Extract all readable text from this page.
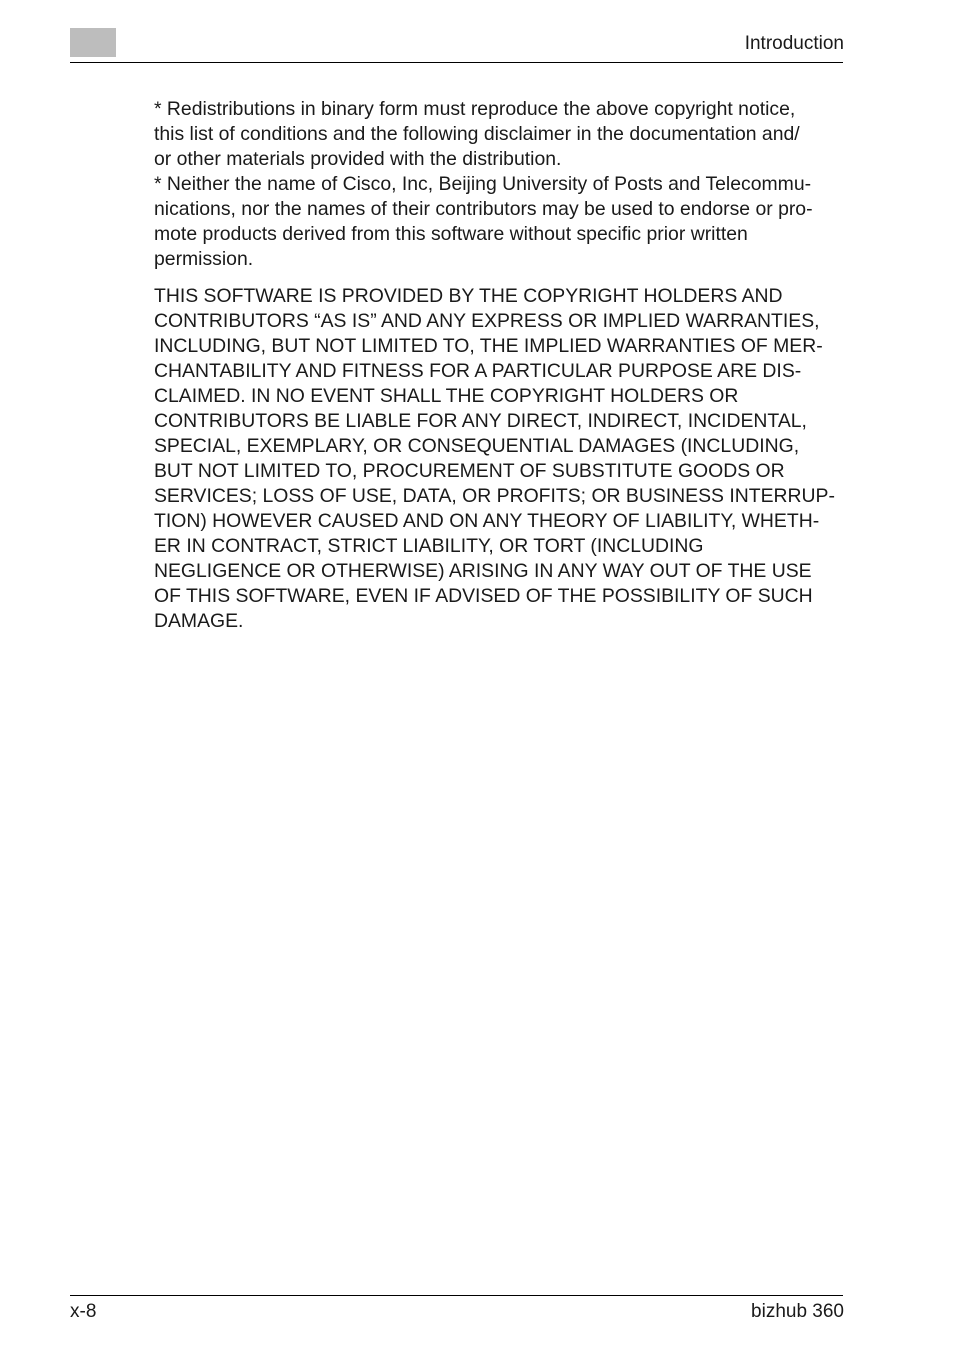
Introduction

* Redistributions in binary form must reproduce the above copyright notice,
this list of conditions and the following disclaimer in the documentation and/
or other materials provided with the distribution.

* Neither the name of Cisco, Inc, Beijing University of Posts and Telecommu-
nications, nor the names of their contributors may be used to endorse or pro-
mote products derived from this software without specific prior written
permission.

THIS SOFTWARE IS PROVIDED BY THE COPYRIGHT HOLDERS AND
CONTRIBUTORS “AS IS” AND ANY EXPRESS OR IMPLIED WARRANTIES,
INCLUDING, BUT NOT LIMITED TO, THE IMPLIED WARRANTIES OF MER-
CHANTABILITY AND FITNESS FOR A PARTICULAR PURPOSE ARE DIS-
CLAIMED. IN NO EVENT SHALL THE COPYRIGHT HOLDERS OR
CONTRIBUTORS BE LIABLE FOR ANY DIRECT, INDIRECT, INCIDENTAL,
SPECIAL, EXEMPLARY, OR CONSEQUENTIAL DAMAGES (INCLUDING,
BUT NOT LIMITED TO, PROCUREMENT OF SUBSTITUTE GOODS OR
SERVICES; LOSS OF USE, DATA, OR PROFITS; OR BUSINESS INTERRUP-
TION) HOWEVER CAUSED AND ON ANY THEORY OF LIABILITY, WHETH-
ER IN CONTRACT, STRICT LIABILITY, OR TORT (INCLUDING
NEGLIGENCE OR OTHERWISE) ARISING IN ANY WAY OUT OF THE USE
OF THIS SOFTWARE, EVEN IF ADVISED OF THE POSSIBILITY OF SUCH
DAMAGE.

x-8	bizhub 360
